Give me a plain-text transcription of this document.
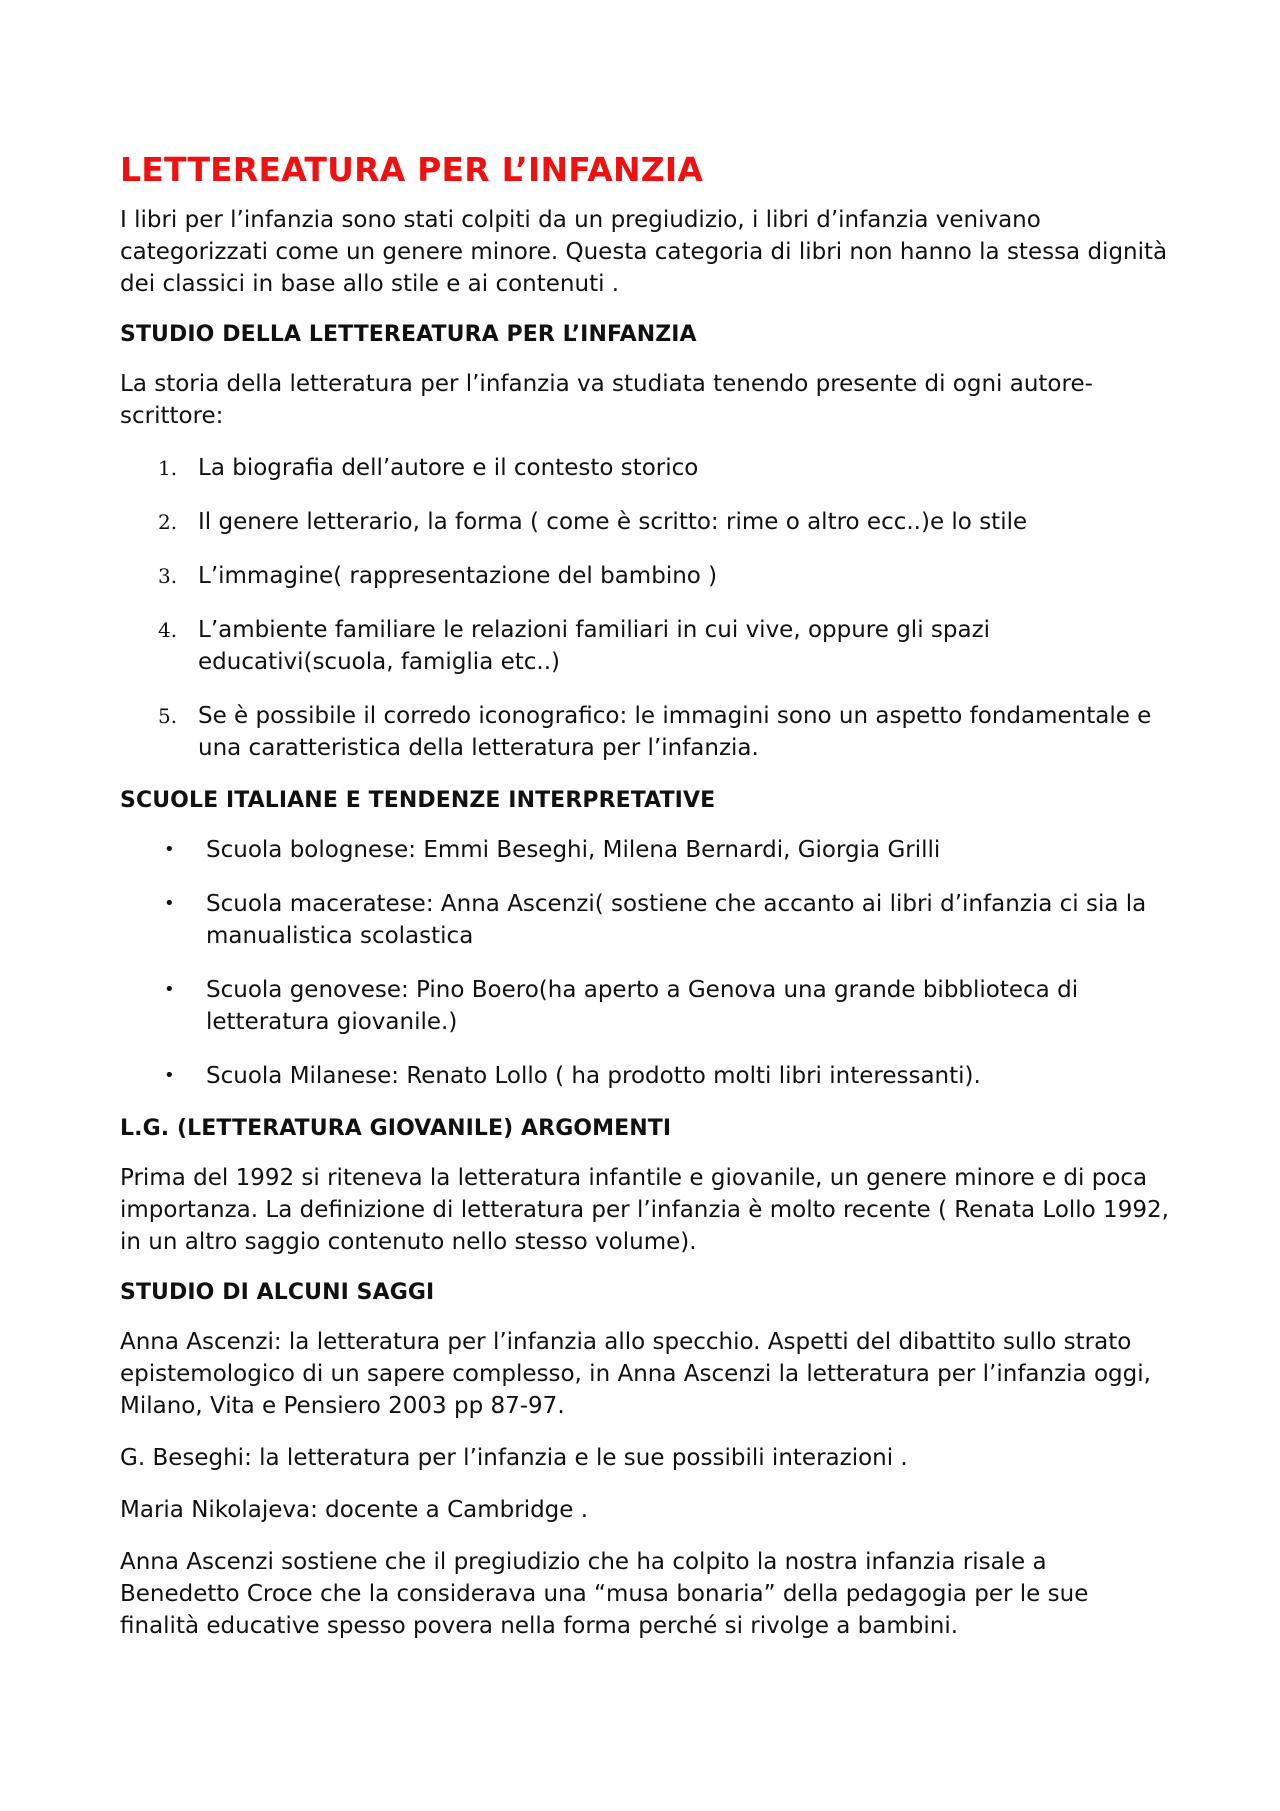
LETTEREATURA PER L’INFANZIA

I libri per l’infanzia sono stati colpiti da un pregiudizio, i libri d’infanzia venivano categorizzati come un genere minore. Questa categoria di libri non hanno la stessa dignità dei classici in base allo stile e ai contenuti .

STUDIO DELLA LETTEREATURA PER L’INFANZIA

La storia della letteratura per l’infanzia va studiata tenendo presente di ogni autore-scrittore:

1. La biografia dell’autore e il contesto storico
2. Il genere letterario, la forma ( come è scritto: rime o altro ecc..)e lo stile
3. L’immagine( rappresentazione del bambino )
4. L’ambiente familiare le relazioni familiari in cui vive, oppure gli spazi educativi(scuola, famiglia etc..)
5. Se è possibile il corredo iconografico: le immagini sono un aspetto fondamentale e una caratteristica della letteratura per l’infanzia.
SCUOLE ITALIANE E TENDENZE INTERPRETATIVE
• Scuola bolognese: Emmi Beseghi, Milena Bernardi, Giorgia Grilli
• Scuola maceratese: Anna Ascenzi( sostiene che accanto ai libri d’infanzia ci sia la manualistica scolastica
• Scuola genovese: Pino Boero(ha aperto a Genova una grande bibblioteca di letteratura giovanile.)
• Scuola Milanese: Renato Lollo ( ha prodotto molti libri interessanti).
L.G. (LETTERATURA GIOVANILE) ARGOMENTI

Prima del 1992 si riteneva la letteratura infantile e giovanile, un genere minore e di poca importanza. La definizione di letteratura per l’infanzia è molto recente ( Renata Lollo 1992, in un altro saggio contenuto nello stesso volume).

STUDIO DI ALCUNI SAGGI

Anna Ascenzi: la letteratura per l’infanzia allo specchio. Aspetti del dibattito sullo strato epistemologico di un sapere complesso, in Anna Ascenzi la letteratura per l’infanzia oggi, Milano, Vita e Pensiero 2003 pp 87-97.

G. Beseghi: la letteratura per l’infanzia e le sue possibili interazioni .

Maria Nikolajeva: docente a Cambridge .

Anna Ascenzi sostiene che il pregiudizio che ha colpito la nostra infanzia risale a Benedetto Croce che la considerava una “musa bonaria” della pedagogia per le sue finalità educative spesso povera nella forma perché si rivolge a bambini.
